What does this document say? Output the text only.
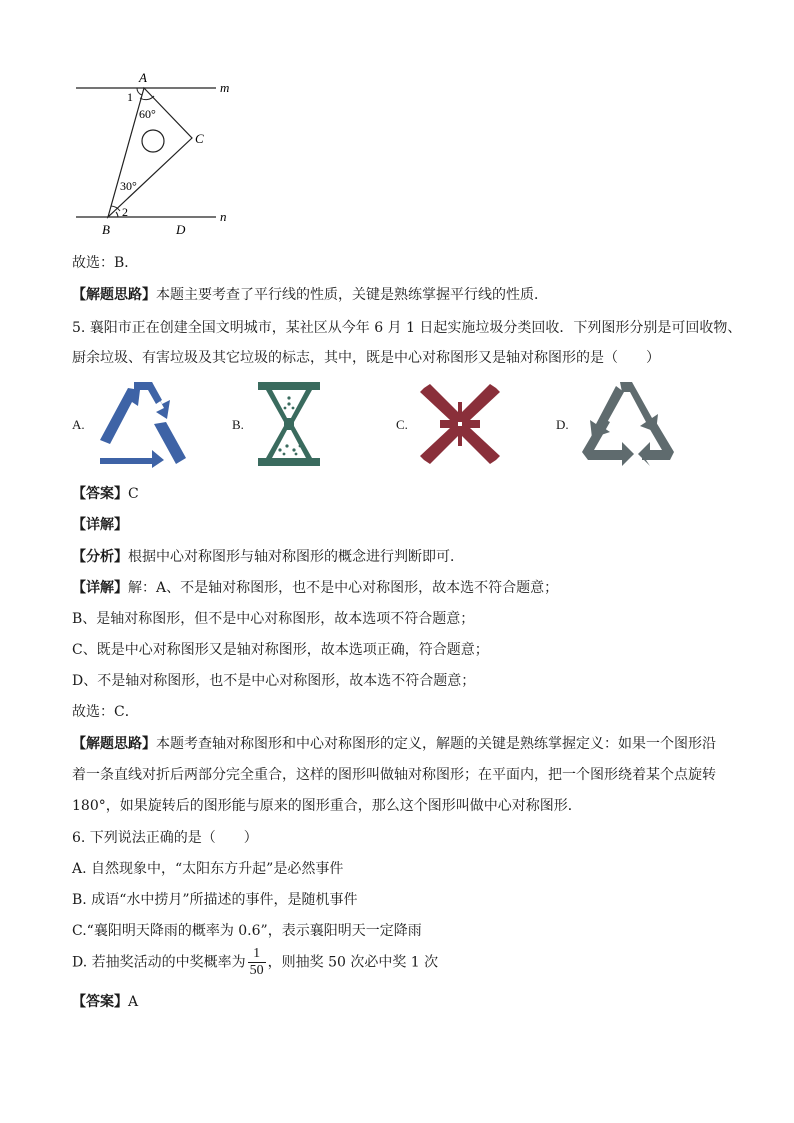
A
m
1
60°
C
30°
2
B	D
n
故选：B．
【解题思路】本题主要考查了平行线的性质，关键是熟练掌握平行线的性质．
5. 襄阳市正在创建全国文明城市，某社区从今年 6 月 1 日起实施垃圾分类回收．下列图形分别是可回收物、
厨余垃圾、有害垃圾及其它垃圾的标志，其中，既是中心对称图形又是轴对称图形的是（　　）
A.	B.	C.	D.
【答案】C
【详解】
【分析】根据中心对称图形与轴对称图形的概念进行判断即可．
【详解】解：A、不是轴对称图形，也不是中心对称图形，故本选不符合题意；
B、是轴对称图形，但不是中心对称图形，故本选项不符合题意；
C、既是中心对称图形又是轴对称图形，故本选项正确，符合题意；
D、不是轴对称图形，也不是中心对称图形，故本选不符合题意；
故选：C．
【解题思路】本题考查轴对称图形和中心对称图形的定义，解题的关键是熟练掌握定义：如果一个图形沿
着一条直线对折后两部分完全重合，这样的图形叫做轴对称图形；在平面内，把一个图形绕着某个点旋转
180°，如果旋转后的图形能与原来的图形重合，那么这个图形叫做中心对称图形．
6. 下列说法正确的是（　　）
A. 自然现象中，“太阳东方升起”是必然事件
B. 成语“水中捞月”所描述的事件，是随机事件
C.“襄阳明天降雨的概率为 0.6”，表示襄阳明天一定降雨
D. 若抽奖活动的中奖概率为 $\frac{1}{50}$ ，则抽奖 50 次必中奖 1 次
【答案】A
